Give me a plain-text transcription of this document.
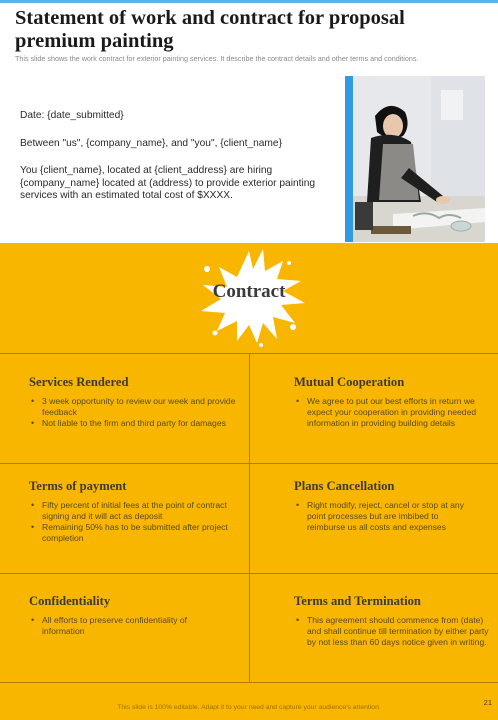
Statement of work and contract for proposal premium painting
This slide shows the work contract for exterior painting services. It describe the contract details and other terms and conditions.

Date: {date_submitted}

Between "us", {company_name}, and "you", {client_name}

You {client_name}, located at {client_address} are hiring {company_name} located at (address) to provide exterior painting services with an estimated total cost of $XXXX.

Contract
Services Rendered
• 3 week opportunity to review our week and provide feedback
• Not liable to the firm and third party for damages
Mutual Cooperation
• We agree to put our best efforts in return we expect your cooperation in providing needed information in providing building details
Terms of payment
• Fifty percent of initial fees at the point of contract signing and it will act as deposit
• Remaining 50% has to be submitted after project completion
Plans Cancellation
• Right modify, reject, cancel or stop at any point processes but are imbibed to reimburse us all costs and expenses
Confidentiality
• All efforts to preserve confidentiality of information
Terms and Termination
• This agreement should commence from (date) and shall continue till termination by either party by not less than 60 days notice given in writing.
This slide is 100% editable. Adapt it to your need and capture your audience's attention.
21
